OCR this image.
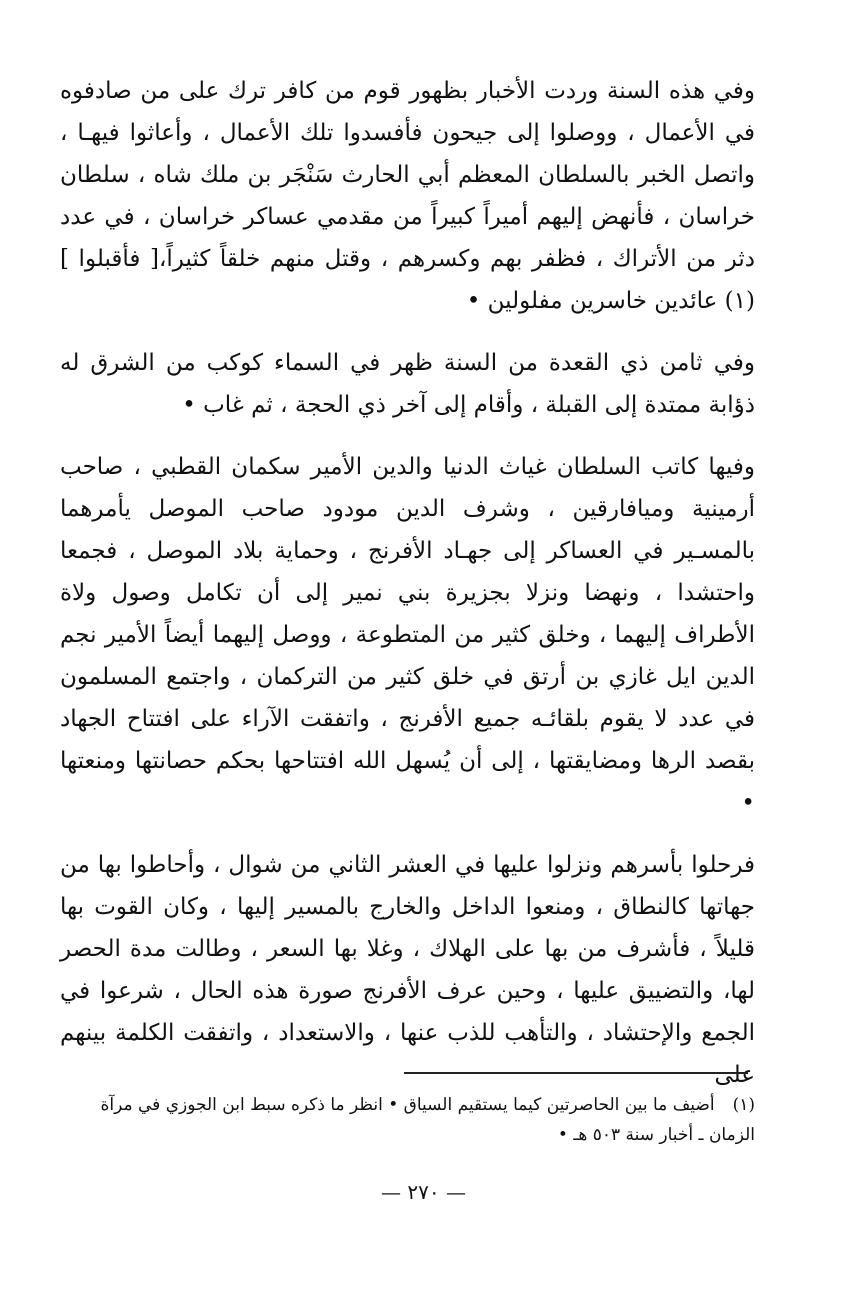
وفي هذه السنة وردت الأخبار بظهور قوم من كافر ترك على من صادفوه في الأعمال ، ووصلوا إلى جيحون فأفسدوا تلك الأعمال ، وأعاثوا فيهـا ، واتصل الخبر بالسلطان المعظم أبي الحارث سَنْجَر بن ملك شاه ، سلطان خراسان ، فأنهض إليهم أميراً كبيراً من مقدمي عساكر خراسان ، في عدد دثر من الأتراك ، فظفر بهم وكسرهم ، وقتل منهم خلقاً كثيراً،[ فأقبلوا ](١) عائدين خاسرين مفلولين •

وفي ثامن ذي القعدة من السنة ظهر في السماء كوكب من الشرق له ذؤابة ممتدة إلى القبلة ، وأقام إلى آخر ذي الحجة ، ثم غاب •

وفيها كاتب السلطان غياث الدنيا والدين الأمير سكمان القطبي ، صاحب أرمينية وميافارقين ، وشرف الدين مودود صاحب الموصل يأمرهما بالمسـير في العساكر إلى جهـاد الأفرنج ، وحماية بلاد الموصل ، فجمعا واحتشدا ، ونهضا ونزلا بجزيرة بني نمير إلى أن تكامل وصول ولاة الأطراف إليهما ، وخلق كثير من المتطوعة ، ووصل إليهما أيضاً الأمير نجم الدين ايل غازي بن أرتق في خلق كثير من التركمان ، واجتمع المسلمون في عدد لا يقوم بلقائـه جميع الأفرنج ، واتفقت الآراء على افتتاح الجهاد بقصد الرها ومضايقتها ، إلى أن يُسهل الله افتتاحها بحكم حصانتها ومنعتها •

فرحلوا بأسرهم ونزلوا عليها في العشر الثاني من شوال ، وأحاطوا بها من جهاتها كالنطاق ، ومنعوا الداخل والخارج بالمسير إليها ، وكان القوت بها قليلاً ، فأشرف من بها على الهلاك ، وغلا بها السعر ، وطالت مدة الحصر لها، والتضييق عليها ، وحين عرف الأفرنج صورة هذه الحال ، شرعوا في الجمع والإحتشاد ، والتأهب للذب عنها ، والاستعداد ، واتفقت الكلمة بينهم على

(١)أضيف ما بين الحاصرتين كيما يستقيم السياق • انظر ما ذكره سبط ابن الجوزي في مرآة الزمان ـ أخبار سنة ٥٠٣ هـ •
— ٢٧٠ —
